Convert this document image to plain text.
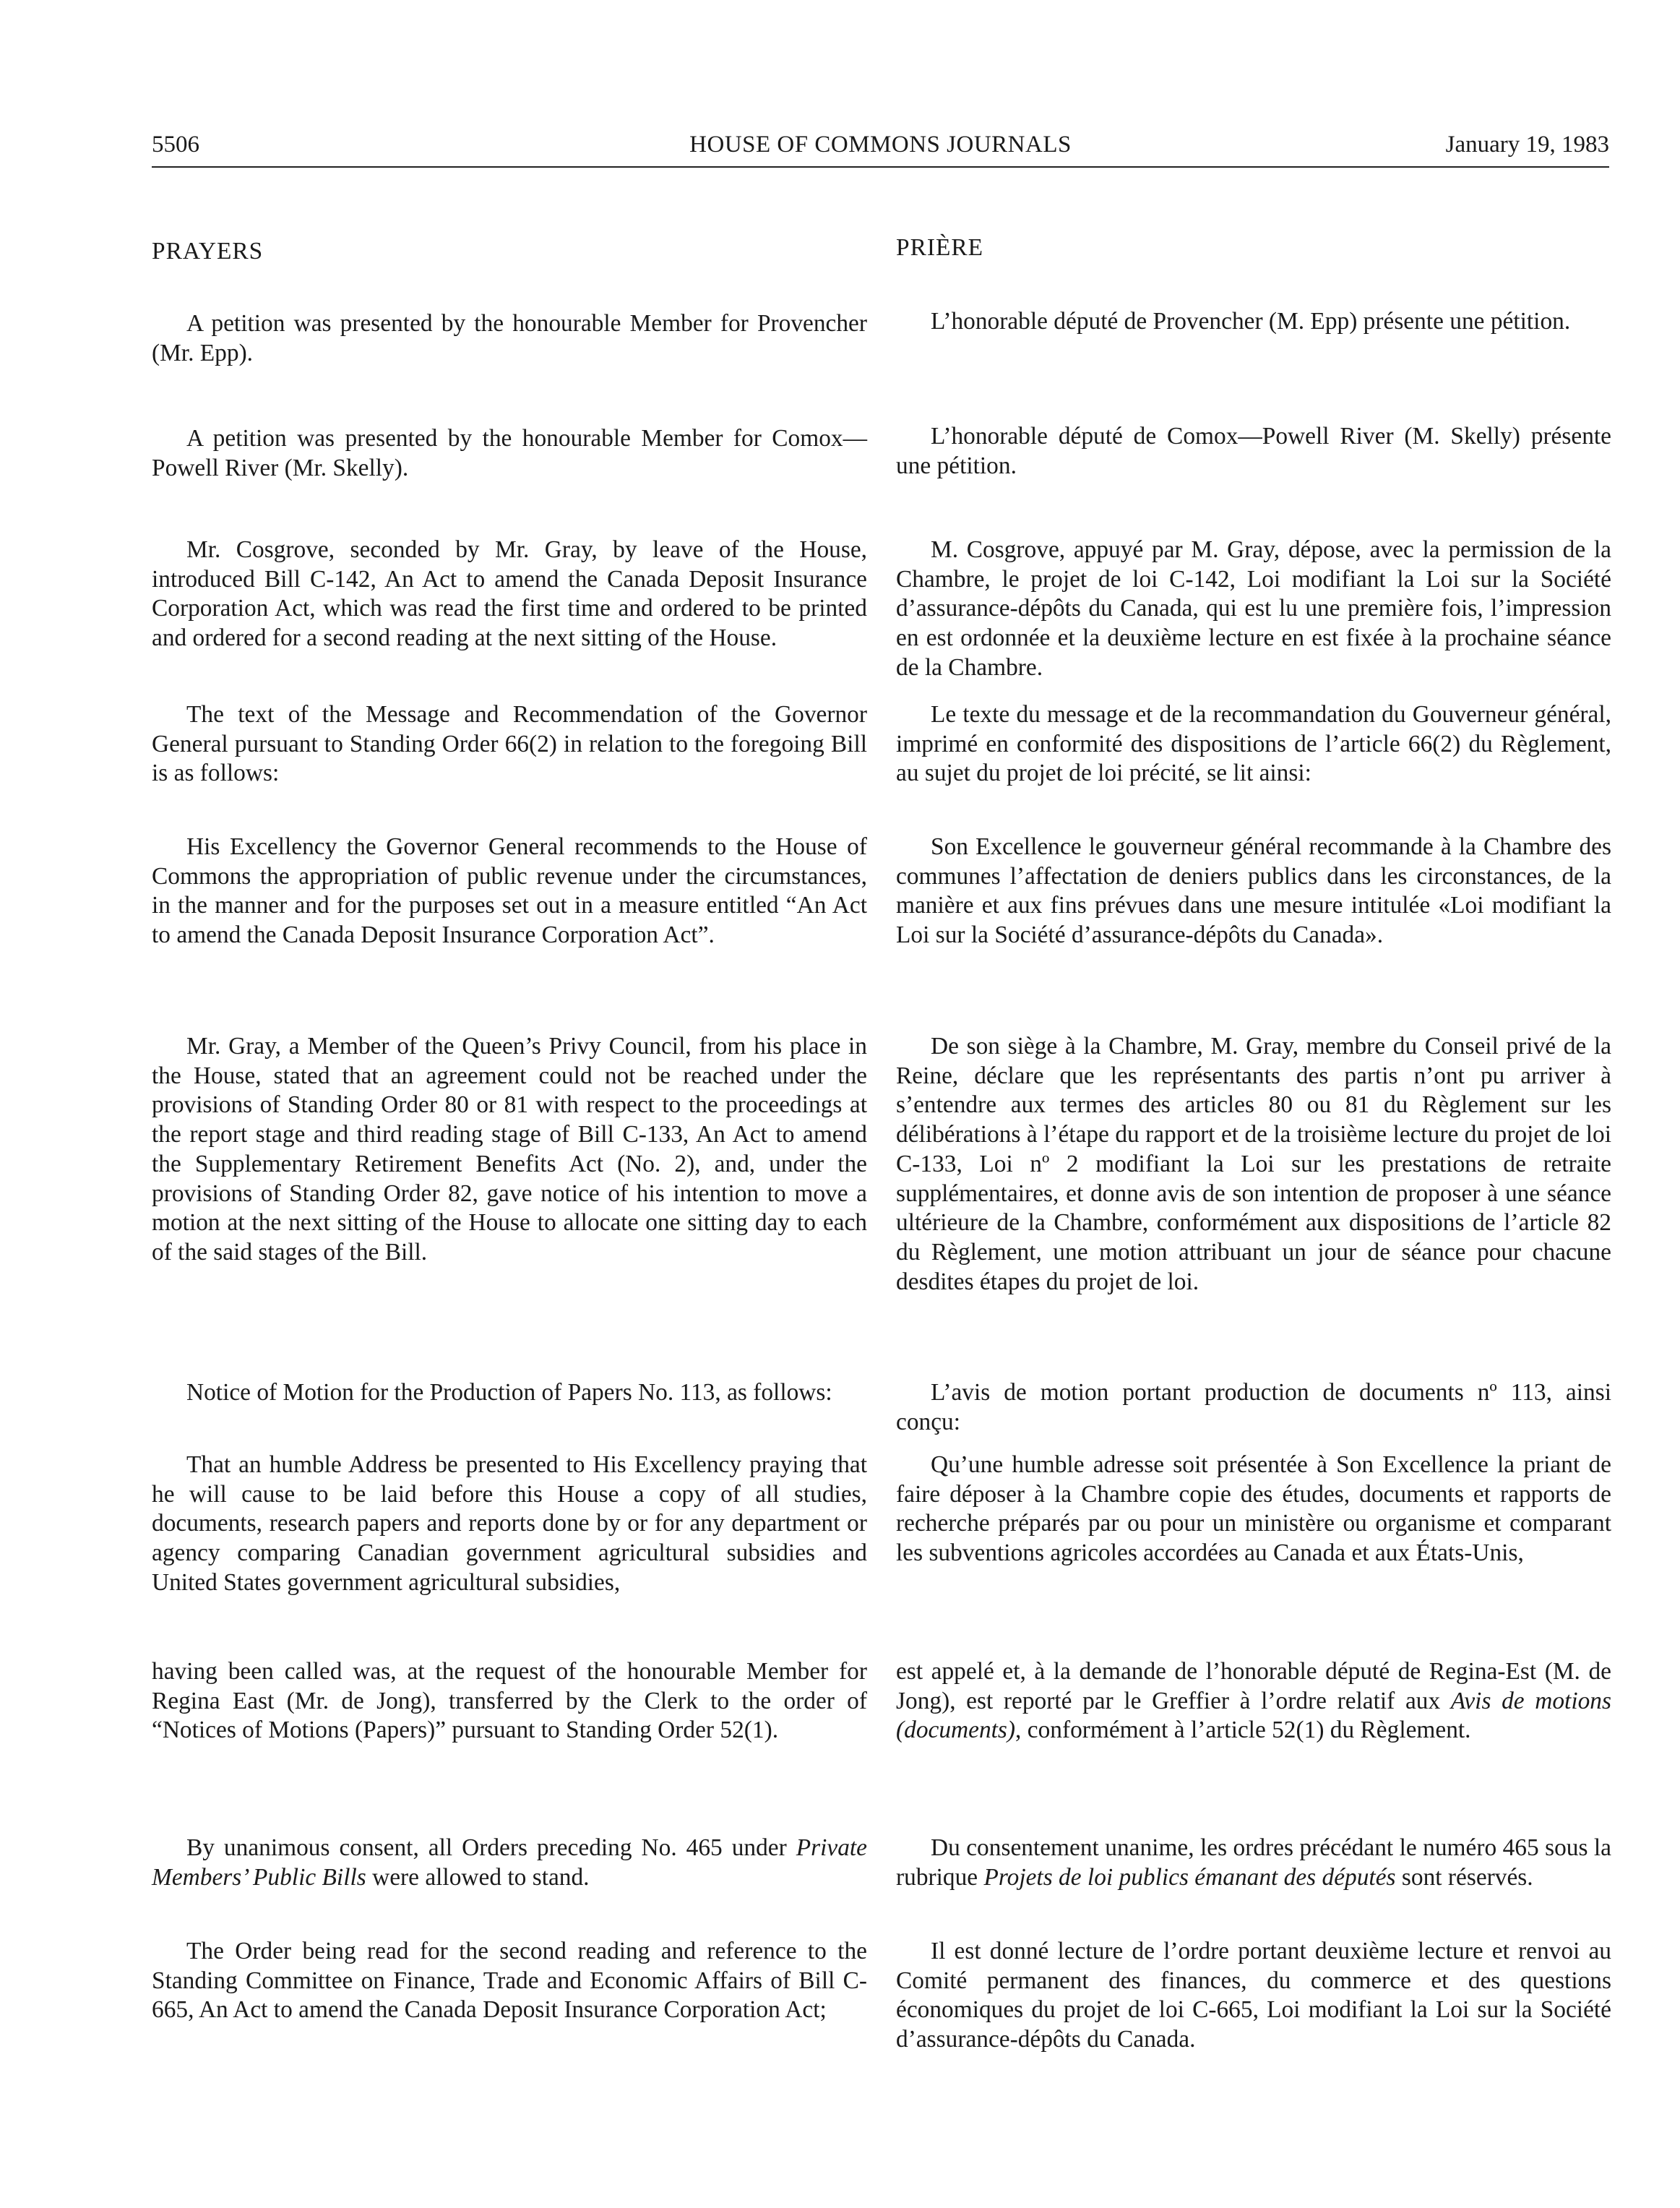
5506	HOUSE OF COMMONS JOURNALS	January 19, 1983
PRAYERS

A petition was presented by the honourable Member for Provencher (Mr. Epp).

A petition was presented by the honourable Member for Comox—Powell River (Mr. Skelly).

Mr. Cosgrove, seconded by Mr. Gray, by leave of the House, introduced Bill C-142, An Act to amend the Canada Deposit Insurance Corporation Act, which was read the first time and ordered to be printed and ordered for a second reading at the next sitting of the House.

The text of the Message and Recommendation of the Governor General pursuant to Standing Order 66(2) in relation to the foregoing Bill is as follows:

His Excellency the Governor General recommends to the House of Commons the appropriation of public revenue under the circumstances, in the manner and for the purposes set out in a measure entitled “An Act to amend the Canada Deposit Insurance Corporation Act”.

Mr. Gray, a Member of the Queen’s Privy Council, from his place in the House, stated that an agreement could not be reached under the provisions of Standing Order 80 or 81 with respect to the proceedings at the report stage and third reading stage of Bill C-133, An Act to amend the Supplementary Retirement Benefits Act (No. 2), and, under the provisions of Standing Order 82, gave notice of his intention to move a motion at the next sitting of the House to allocate one sitting day to each of the said stages of the Bill.

Notice of Motion for the Production of Papers No. 113, as follows:

That an humble Address be presented to His Excellency praying that he will cause to be laid before this House a copy of all studies, documents, research papers and reports done by or for any department or agency comparing Canadian government agricultural subsidies and United States government agricultural subsidies,

having been called was, at the request of the honourable Member for Regina East (Mr. de Jong), transferred by the Clerk to the order of “Notices of Motions (Papers)” pursuant to Standing Order 52(1).

By unanimous consent, all Orders preceding No. 465 under Private Members’ Public Bills were allowed to stand.

The Order being read for the second reading and reference to the Standing Committee on Finance, Trade and Economic Affairs of Bill C-665, An Act to amend the Canada Deposit Insurance Corporation Act;

PRIÈRE

L’honorable député de Provencher (M. Epp) présente une pétition.

L’honorable député de Comox—Powell River (M. Skelly) présente une pétition.

M. Cosgrove, appuyé par M. Gray, dépose, avec la permission de la Chambre, le projet de loi C-142, Loi modifiant la Loi sur la Société d’assurance-dépôts du Canada, qui est lu une première fois, l’impression en est ordonnée et la deuxième lecture en est fixée à la prochaine séance de la Chambre.

Le texte du message et de la recommandation du Gouverneur général, imprimé en conformité des dispositions de l’article 66(2) du Règlement, au sujet du projet de loi précité, se lit ainsi:

Son Excellence le gouverneur général recommande à la Chambre des communes l’affectation de deniers publics dans les circonstances, de la manière et aux fins prévues dans une mesure intitulée «Loi modifiant la Loi sur la Société d’assurance-dépôts du Canada».

De son siège à la Chambre, M. Gray, membre du Conseil privé de la Reine, déclare que les représentants des partis n’ont pu arriver à s’entendre aux termes des articles 80 ou 81 du Règlement sur les délibérations à l’étape du rapport et de la troisième lecture du projet de loi C-133, Loi nº 2 modifiant la Loi sur les prestations de retraite supplémentaires, et donne avis de son intention de proposer à une séance ultérieure de la Chambre, conformément aux dispositions de l’article 82 du Règlement, une motion attribuant un jour de séance pour chacune desdites étapes du projet de loi.

L’avis de motion portant production de documents nº 113, ainsi conçu:

Qu’une humble adresse soit présentée à Son Excellence la priant de faire déposer à la Chambre copie des études, documents et rapports de recherche préparés par ou pour un ministère ou organisme et comparant les subventions agricoles accordées au Canada et aux États-Unis,

est appelé et, à la demande de l’honorable député de Regina-Est (M. de Jong), est reporté par le Greffier à l’ordre relatif aux Avis de motions (documents), conformément à l’article 52(1) du Règlement.

Du consentement unanime, les ordres précédant le numéro 465 sous la rubrique Projets de loi publics émanant des députés sont réservés.

Il est donné lecture de l’ordre portant deuxième lecture et renvoi au Comité permanent des finances, du commerce et des questions économiques du projet de loi C-665, Loi modifiant la Loi sur la Société d’assurance-dépôts du Canada.
